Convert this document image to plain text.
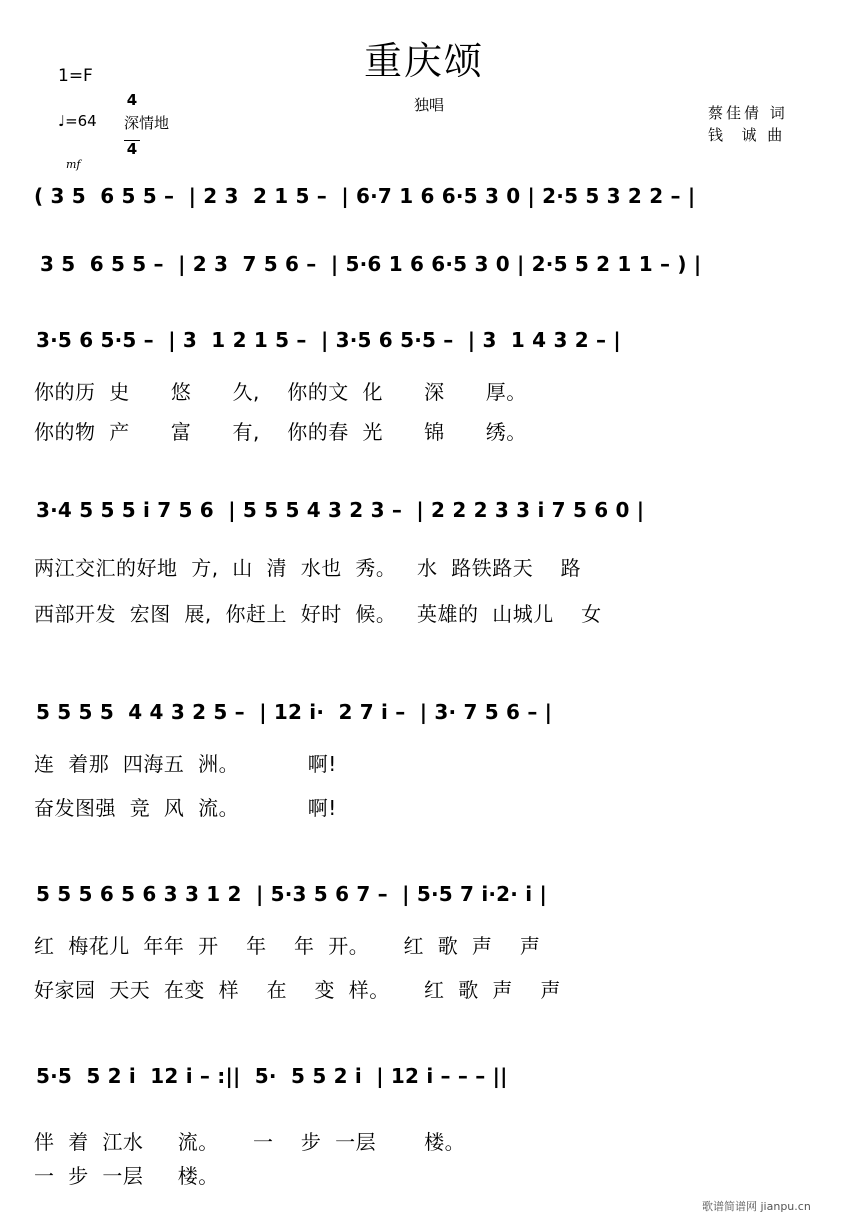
重庆颂
1=F

$\frac{4}{4}$

♩=64 深情地
独唱	蔡佳倩 词
钱  诚 曲
mf
( 3 5  6 5 5 –  | 2 3  2 1 5 –  | 6·7 1 6 6·5 3 0 | 2·5 5 3 2 2 – |
3 5  6 5 5 –  | 2 3  7 5 6 –  | 5·6 1 6 6·5 3 0 | 2·5 5 2 1 1 – ) |
3·5 6 5·5 –  | 3  1 2 1 5 –  | 3·5 6 5·5 –  | 3  1 4 3 2 – |
你的历  史      悠      久,    你的文  化      深      厚。
你的物  产      富      有,    你的春  光      锦      绣。
3·4 5 5 5 i 7 5 6  | 5 5 5 4 3 2 3 –  | 2 2 2 3 3 i 7 5 6 0 |
两江交汇的好地  方,  山  清  水也  秀。   水  路铁路天    路
西部开发  宏图  展,  你赶上  好时  候。   英雄的  山城儿    女
5 5 5 5  4 4 3 2 5 –  | 12 i·  2 7 i –  | 3· 7 5 6 – |
连  着那  四海五  洲。          啊!
奋发图强  竞  风  流。          啊!
5 5 5 6 5 6 3 3 1 2  | 5·3 5 6 7 –  | 5·5 7 i·2· i |
红  梅花儿  年年  开    年    年  开。     红  歌  声    声
好家园  天天  在变  样    在    变  样。     红  歌  声    声
5·5  5 2 i  12 i – :||  5·  5 5 2 i  | 12 i – – – ||
伴  着  江水     流。     一    步  一层       楼。
一  步  一层     楼。
歌谱简谱网 jianpu.cn
